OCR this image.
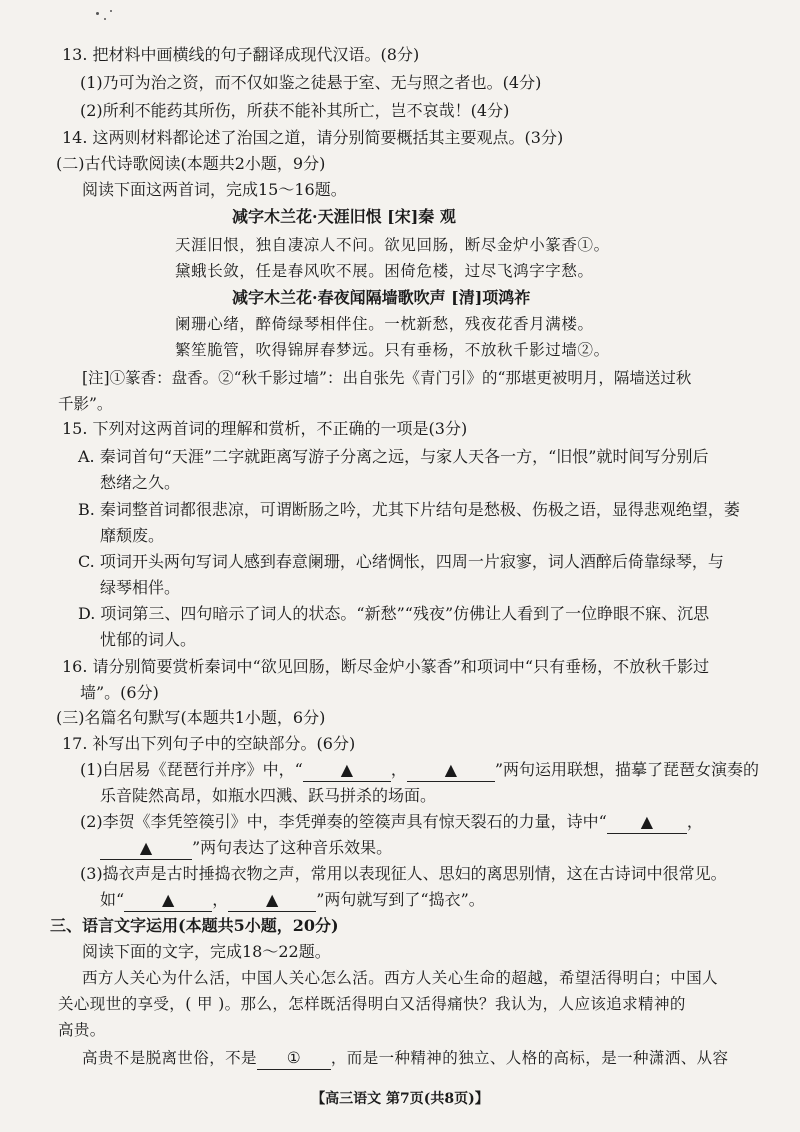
13. 把材料中画横线的句子翻译成现代汉语。(8分)
(1)乃可为治之资，而不仅如鉴之徒悬于室、无与照之者也。(4分)
(2)所利不能药其所伤，所获不能补其所亡，岂不哀哉！(4分)
14. 这两则材料都论述了治国之道，请分别简要概括其主要观点。(3分)
(二)古代诗歌阅读(本题共2小题，9分)
阅读下面这两首词，完成15～16题。
减字木兰花·天涯旧恨 [宋]秦 观
天涯旧恨，独自凄凉人不问。欲见回肠，断尽金炉小篆香①。
黛蛾长敛，任是春风吹不展。困倚危楼，过尽飞鸿字字愁。
减字木兰花·春夜闻隔墙歌吹声 [清]项鸿祚
阑珊心绪，醉倚绿琴相伴住。一枕新愁，残夜花香月满楼。
繁笙脆管，吹得锦屏春梦远。只有垂杨，不放秋千影过墙②。
[注]①篆香：盘香。②“秋千影过墙”：出自张先《青门引》的“那堪更被明月，隔墙送过秋
千影”。
15. 下列对这两首词的理解和赏析，不正确的一项是(3分)
A. 秦词首句“天涯”二字就距离写游子分离之远，与家人天各一方，“旧恨”就时间写分别后
愁绪之久。
B. 秦词整首词都很悲凉，可谓断肠之吟，尤其下片结句是愁极、伤极之语，显得悲观绝望，萎
靡颓废。
C. 项词开头两句写词人感到春意阑珊，心绪惆怅，四周一片寂寥，词人酒醉后倚靠绿琴，与
绿琴相伴。
D. 项词第三、四句暗示了词人的状态。“新愁”“残夜”仿佛让人看到了一位睁眼不寐、沉思
忧郁的词人。
16. 请分别简要赏析秦词中“欲见回肠，断尽金炉小篆香”和项词中“只有垂杨，不放秋千影过
墙”。(6分)
(三)名篇名句默写(本题共1小题，6分)
17. 补写出下列句子中的空缺部分。(6分)
(1)白居易《琵琶行并序》中，“ ▲ ， ▲ ”两句运用联想，描摹了琵琶女演奏的
乐音陡然高昂，如瓶水四溅、跃马拼杀的场面。
(2)李贺《李凭箜篌引》中，李凭弹奏的箜篌声具有惊天裂石的力量，诗中“ ▲ ，
▲ ”两句表达了这种音乐效果。
(3)捣衣声是古时捶捣衣物之声，常用以表现征人、思妇的离思别情，这在古诗词中很常见。
如“ ▲ ， ▲ ”两句就写到了“捣衣”。
三、语言文字运用(本题共5小题，20分)
阅读下面的文字，完成18～22题。
西方人关心为什么活，中国人关心怎么活。西方人关心生命的超越，希望活得明白；中国人
关心现世的享受，( 甲 )。那么，怎样既活得明白又活得痛快？我认为，人应该追求精神的
高贵。
高贵不是脱离世俗，不是 ① ，而是一种精神的独立、人格的高标，是一种潇洒、从容
【高三语文 第7页(共8页)】
